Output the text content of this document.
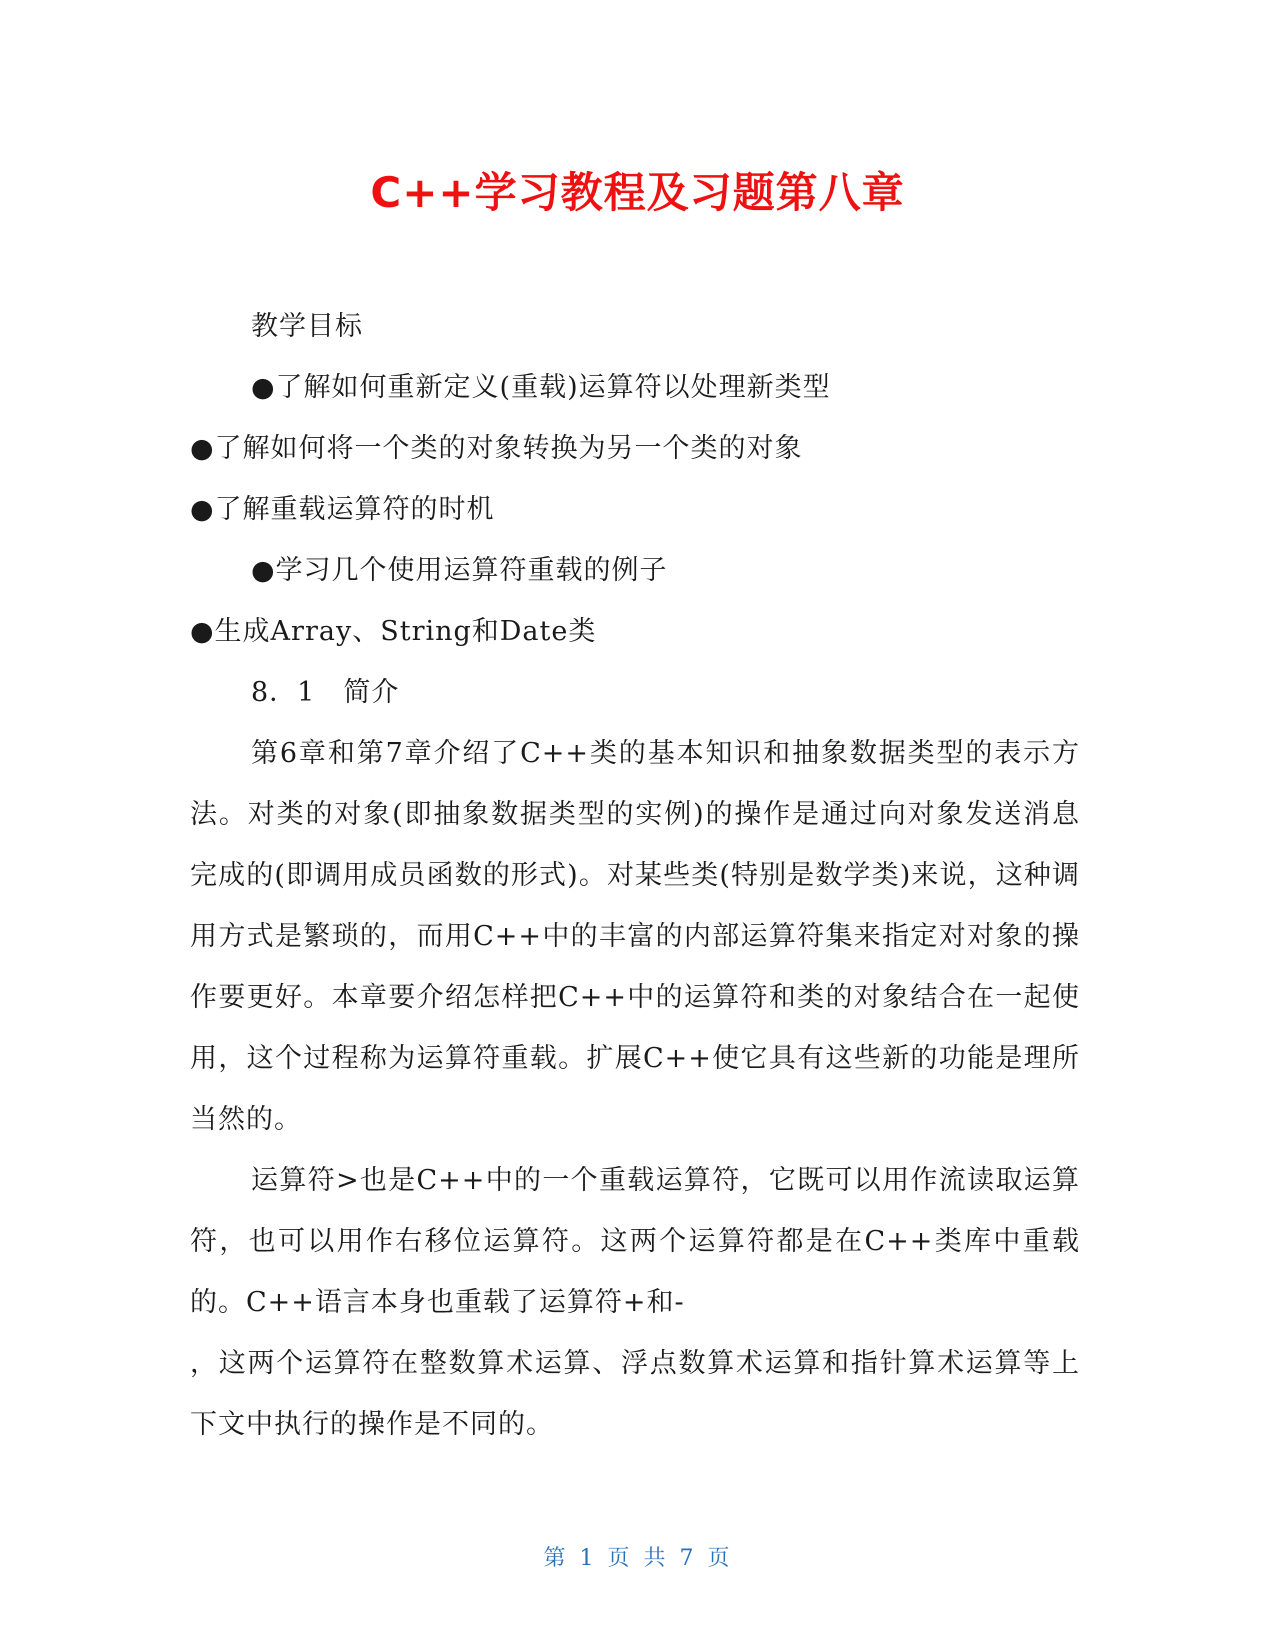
C++学习教程及习题第八章
教学目标
●了解如何重新定义(重载)运算符以处理新类型
●了解如何将一个类的对象转换为另一个类的对象
●了解重载运算符的时机
●学习几个使用运算符重载的例子
●生成Array、String和Date类
8．1　简介

第6章和第7章介绍了C++类的基本知识和抽象数据类型的表示方法。对类的对象(即抽象数据类型的实例)的操作是通过向对象发送消息完成的(即调用成员函数的形式)。对某些类(特别是数学类)来说，这种调用方式是繁琐的，而用C++中的丰富的内部运算符集来指定对对象的操作要更好。本章要介绍怎样把C++中的运算符和类的对象结合在一起使用，这个过程称为运算符重载。扩展C++使它具有这些新的功能是理所当然的。

运算符>也是C++中的一个重载运算符，它既可以用作流读取运算符，也可以用作右移位运算符。这两个运算符都是在C++类库中重载的。C++语言本身也重载了运算符+和-

，这两个运算符在整数算术运算、浮点数算术运算和指针算术运算等上下文中执行的操作是不同的。

第 1 页 共 7 页
